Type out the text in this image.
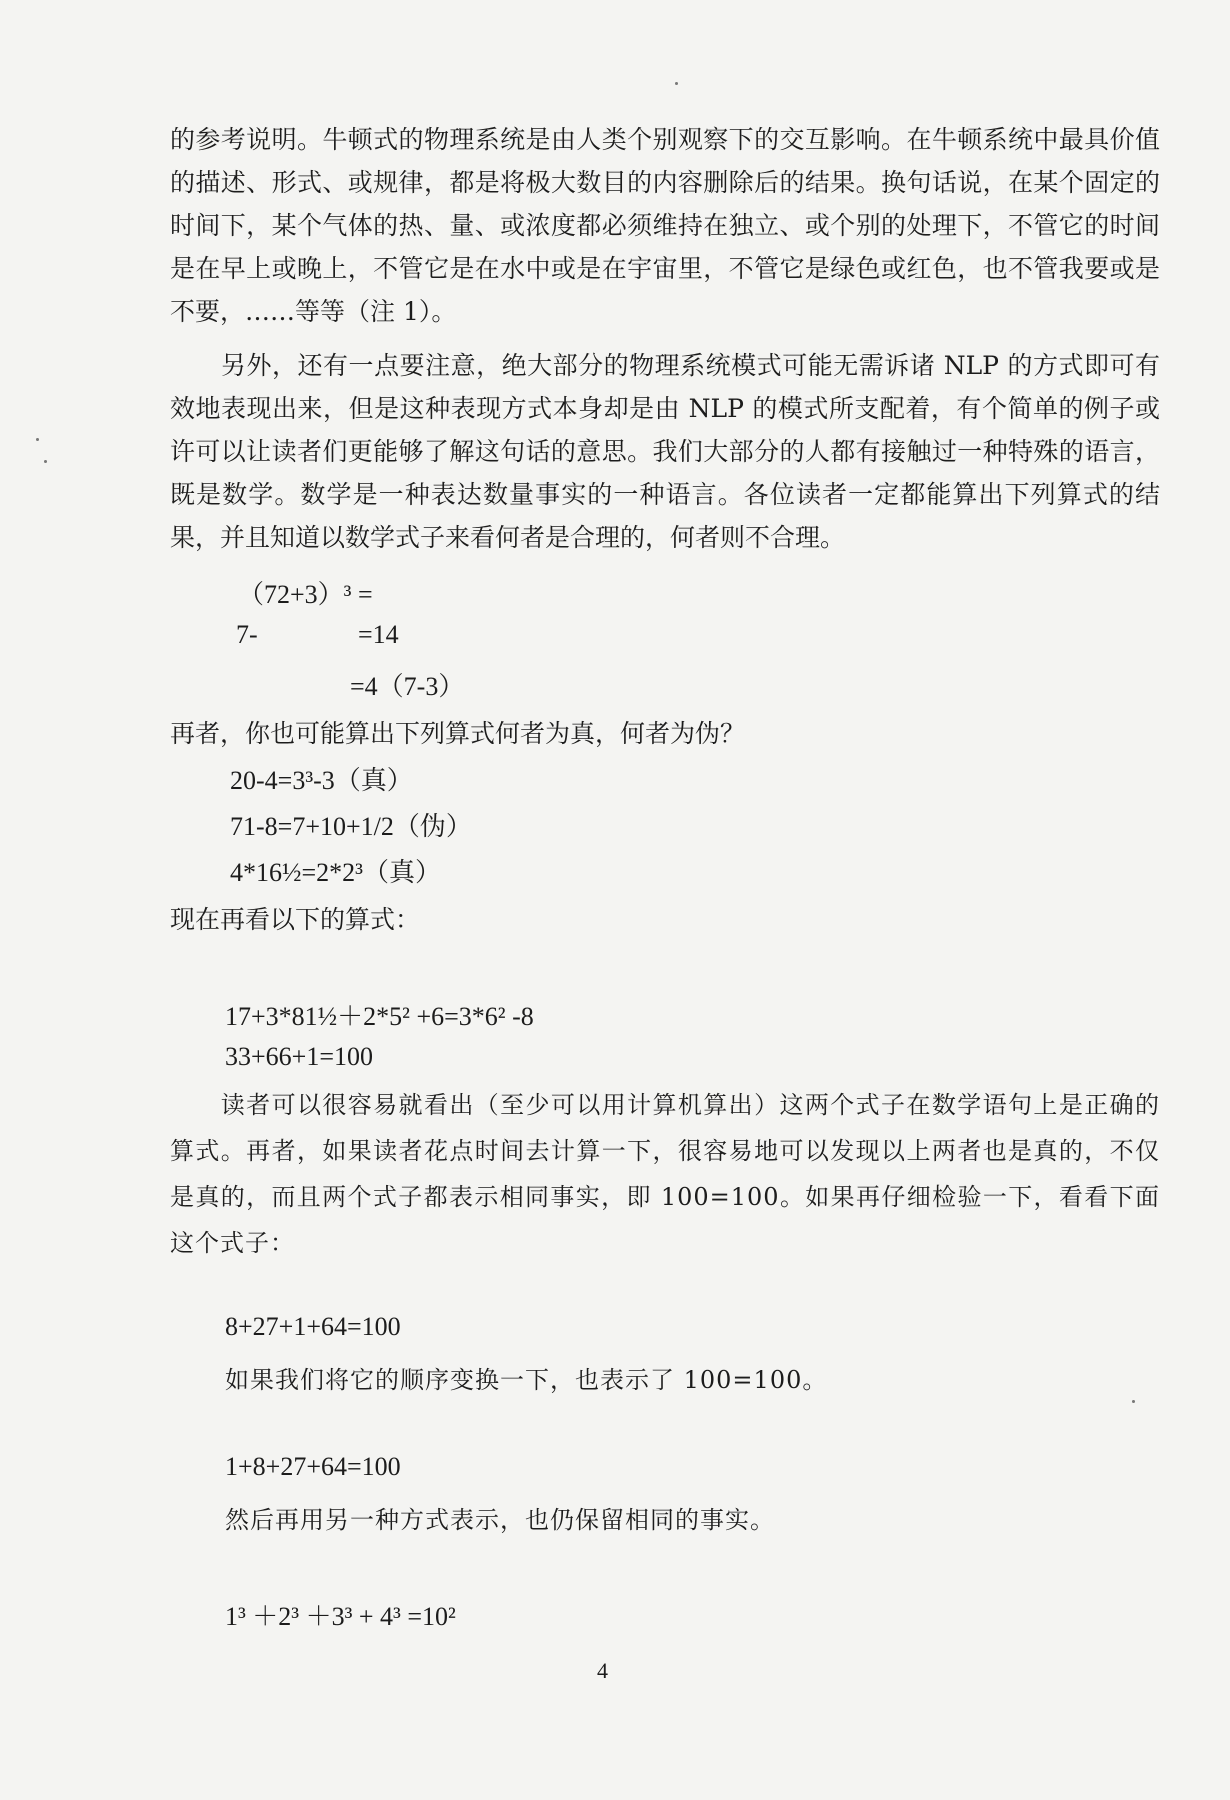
的参考说明。牛顿式的物理系统是由人类个别观察下的交互影响。在牛顿系统中最具价值的描述、形式、或规律，都是将极大数目的内容删除后的结果。换句话说，在某个固定的时间下，某个气体的热、量、或浓度都必须维持在独立、或个别的处理下，不管它的时间是在早上或晚上，不管它是在水中或是在宇宙里，不管它是绿色或红色，也不管我要或是不要，……等等（注 1）。
　　另外，还有一点要注意，绝大部分的物理系统模式可能无需诉诸 NLP 的方式即可有效地表现出来，但是这种表现方式本身却是由 NLP 的模式所支配着，有个简单的例子或许可以让读者们更能够了解这句话的意思。我们大部分的人都有接触过一种特殊的语言，既是数学。数学是一种表达数量事实的一种语言。各位读者一定都能算出下列算式的结果，并且知道以数学式子来看何者是合理的，何者则不合理。
（72+3）³ =
7-	=14
=4（7-3）
再者，你也可能算出下列算式何者为真，何者为伪？
20-4=3³-3（真）
71-8=7+10+1/2（伪）
4*16½=2*2³（真）
现在再看以下的算式：
17+3*81½＋2*5² +6=3*6² -8
33+66+1=100
　　读者可以很容易就看出（至少可以用计算机算出）这两个式子在数学语句上是正确的算式。再者，如果读者花点时间去计算一下，很容易地可以发现以上两者也是真的，不仅是真的，而且两个式子都表示相同事实，即 100=100。如果再仔细检验一下，看看下面这个式子：
8+27+1+64=100
如果我们将它的顺序变换一下，也表示了 100=100。
1+8+27+64=100
然后再用另一种方式表示，也仍保留相同的事实。
1³ ＋2³ ＋3³ + 4³ =10²
4
